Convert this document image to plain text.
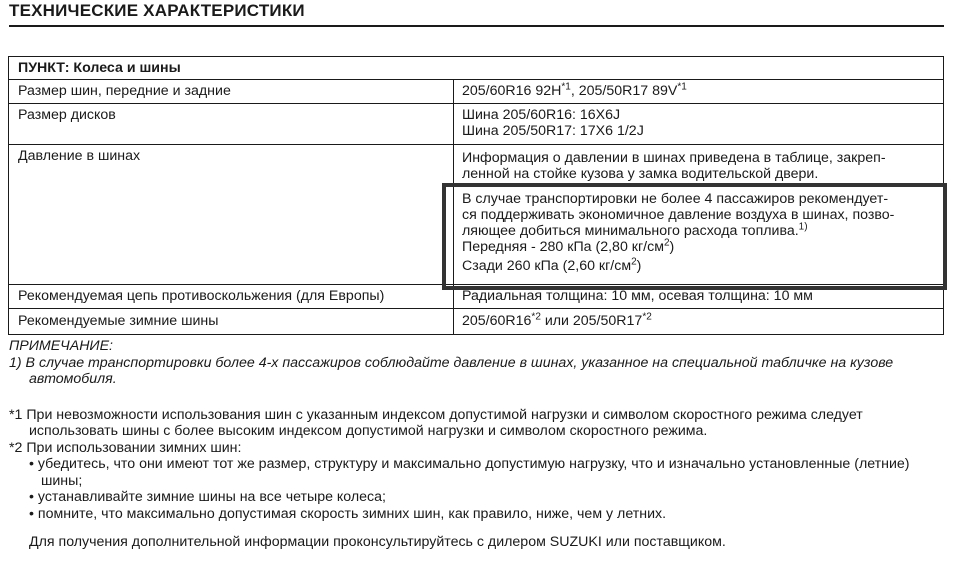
ТЕХНИЧЕСКИЕ ХАРАКТЕРИСТИКИ
ПУНКТ: Колеса и шины
Размер шин, передние и задние	205/60R16 $92H^{*1}$, 205/50R17 $89V^{*1}$
Размер дисков	Шина 205/60R16: 16X6J
Шина 205/50R17: 17X6 1/2J
Давление в шинах	Информация о давлении в шинах приведена в таблице, закреп-
ленной на стойке кузова у замка водительской двери.
В случае транспортировки не более 4 пассажиров рекомендует-
ся поддерживать экономичное давление воздуха в шинах, позво-
ляющее добиться минимального расхода топлива.$^{1)}$
Передняя - 280 кПа (2,80 $кг/см^2$)
Сзади 260 кПа (2,60 $кг/см^2$)
Рекомендуемая цепь противоскольжения (для Европы)	Радиальная толщина: 10 мм, осевая толщина: 10 мм
Рекомендуемые зимние шины	205/60R16$^{*2}$ или 205/50R17$^{*2}$
ПРИМЕЧАНИЕ:
1) В случае транспортировки более 4-х пассажиров соблюдайте давление в шинах, указанное на специальной табличке на кузове автомобиля.
*1 При невозможности использования шин с указанным индексом допустимой нагрузки и символом скоростного режима следует использовать шины с более высоким индексом допустимой нагрузки и символом скоростного режима.
*2 При использовании зимних шин:
• убедитесь, что они имеют тот же размер, структуру и максимально допустимую нагрузку, что и изначально установленные (летние) шины;
• устанавливайте зимние шины на все четыре колеса;
• помните, что максимально допустимая скорость зимних шин, как правило, ниже, чем у летних.
Для получения дополнительной информации проконсультируйтесь с дилером SUZUKI или поставщиком.
